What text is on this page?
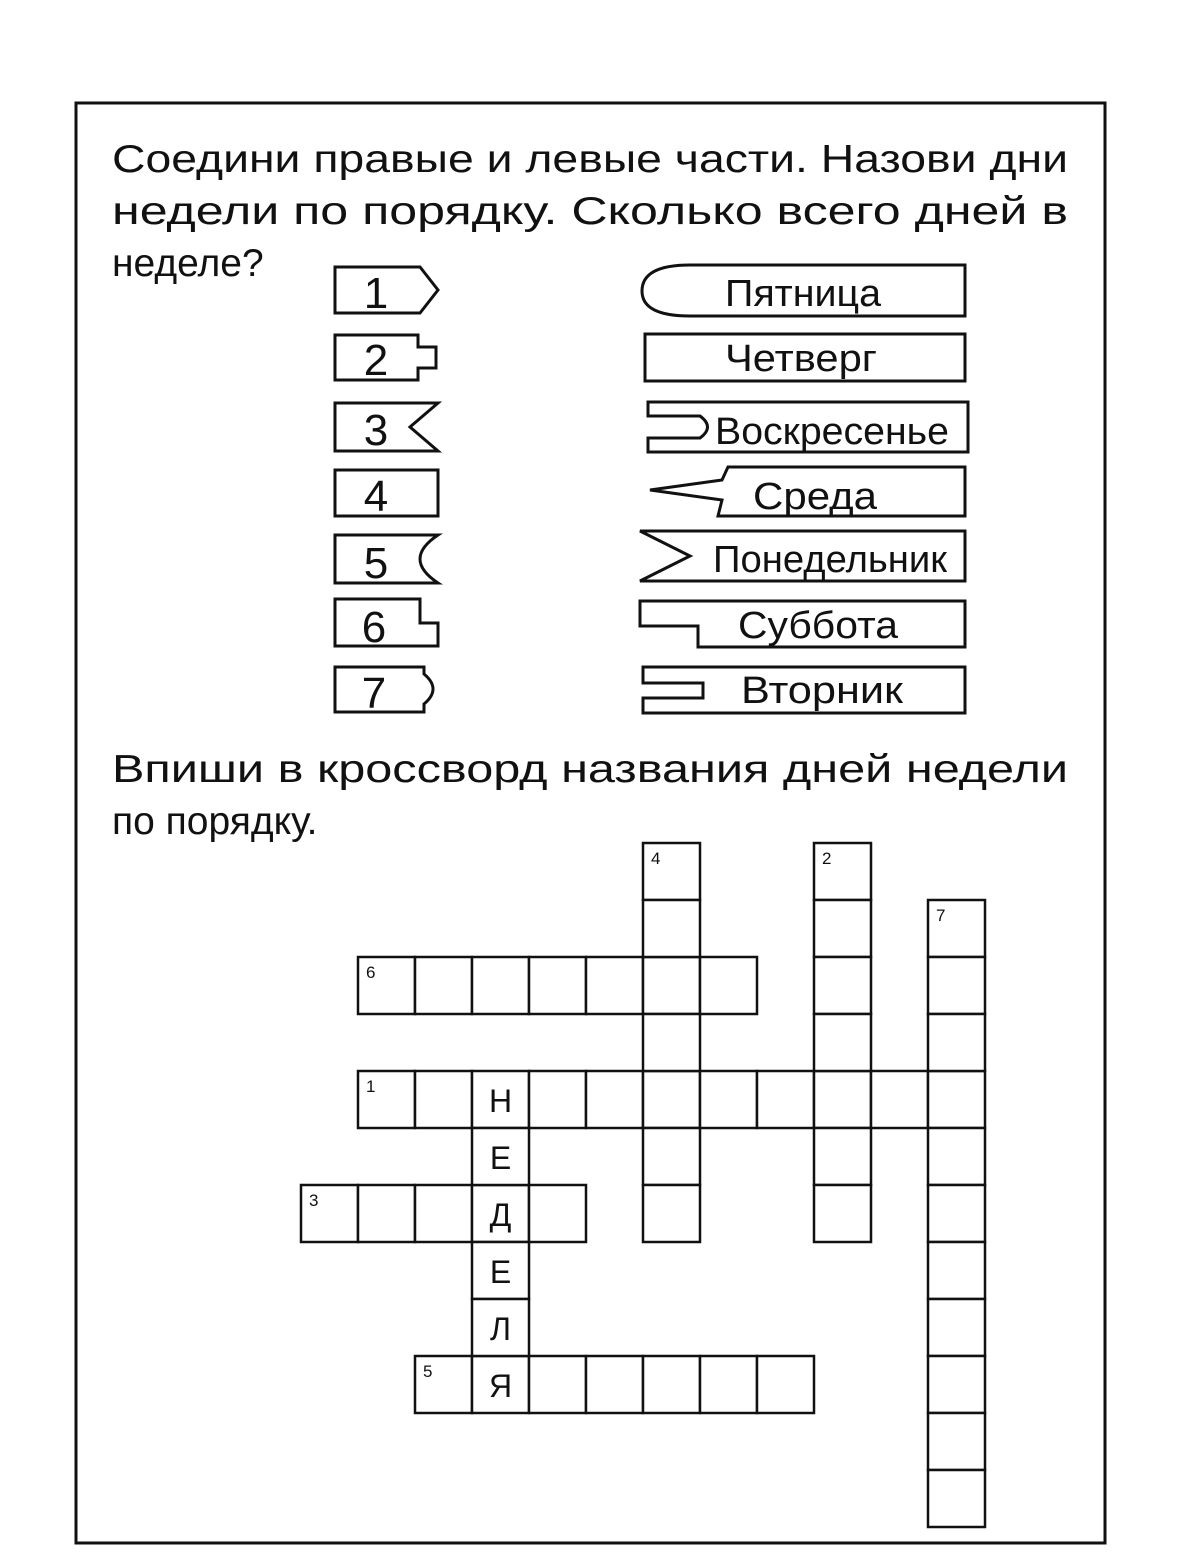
Соедини правые и левые части. Назови дни
недели по порядку. Сколько всего дней в
неделе?
1
2
3
4
5
6
7
Пятница
Четверг
Воскресенье
Среда
Понедельник
Суббота
Вторник
Впиши в кроссворд названия дней недели
по порядку.
4	2
7
6
1
3
5
Н
Е
Д
Е
Л
Я
